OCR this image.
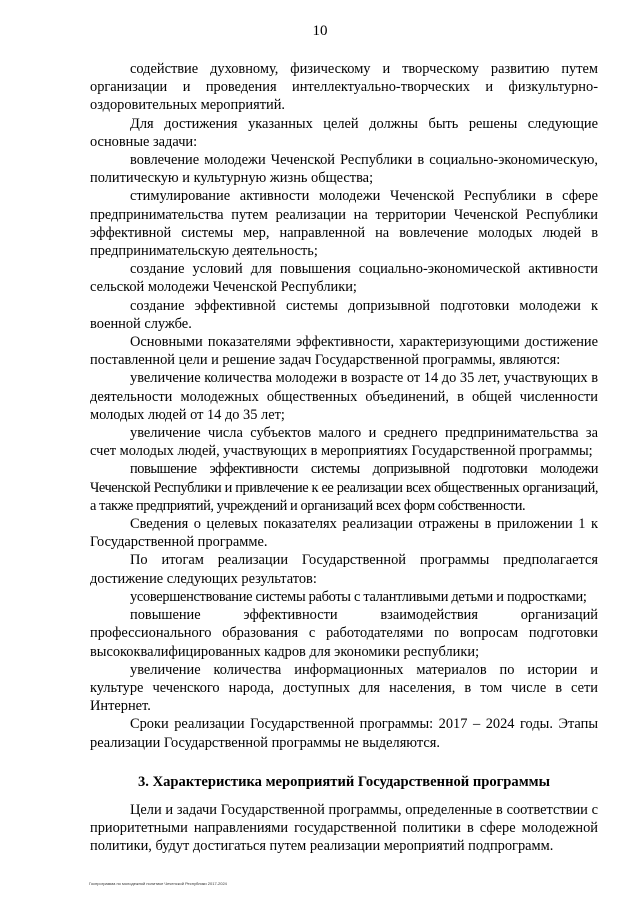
10

содействие духовному, физическому и творческому развитию путем организации и проведения интеллектуально-творческих и физкультурно-оздоровительных мероприятий.

Для достижения указанных целей должны быть решены следующие основные задачи:

вовлечение молодежи Чеченской Республики в социально-экономическую, политическую и культурную жизнь общества;

стимулирование активности молодежи Чеченской Республики в сфере предпринимательства путем реализации на территории Чеченской Республики эффективной системы мер, направленной на вовлечение молодых людей в предпринимательскую деятельность;

создание условий для повышения социально-экономической активности сельской молодежи Чеченской Республики;

создание эффективной системы допризывной подготовки молодежи к военной службе.

Основными показателями эффективности, характеризующими достижение поставленной цели и решение задач Государственной программы, являются:

увеличение количества молодежи в возрасте от 14 до 35 лет, участвующих в деятельности молодежных общественных объединений, в общей численности молодых людей от 14 до 35 лет;

увеличение числа субъектов малого и среднего предпринимательства за счет молодых людей, участвующих в мероприятиях Государственной программы;

повышение эффективности системы допризывной подготовки молодежи Чеченской Республики и привлечение к ее реализации всех общественных организаций, а также предприятий, учреждений и организаций всех форм собственности.

Сведения о целевых показателях реализации отражены в приложении 1 к Государственной программе.

По итогам реализации Государственной программы предполагается достижение следующих результатов:

усовершенствование системы работы с талантливыми детьми и подростками;

повышение эффективности взаимодействия организаций профессионального образования с работодателями по вопросам подготовки высококвалифицированных кадров для экономики республики;

увеличение количества информационных материалов по истории и культуре чеченского народа, доступных для населения, в том числе в сети Интернет.

Сроки реализации Государственной программы: 2017 – 2024 годы. Этапы реализации Государственной программы не выделяются.

3. Характеристика мероприятий Государственной программы

Цели и задачи Государственной программы, определенные в соответствии с приоритетными направлениями государственной политики в сфере молодежной политики, будут достигаться путем реализации мероприятий подпрограмм.

Госпрограмма по молодежной политике Чеченской Республики 2017-2024
